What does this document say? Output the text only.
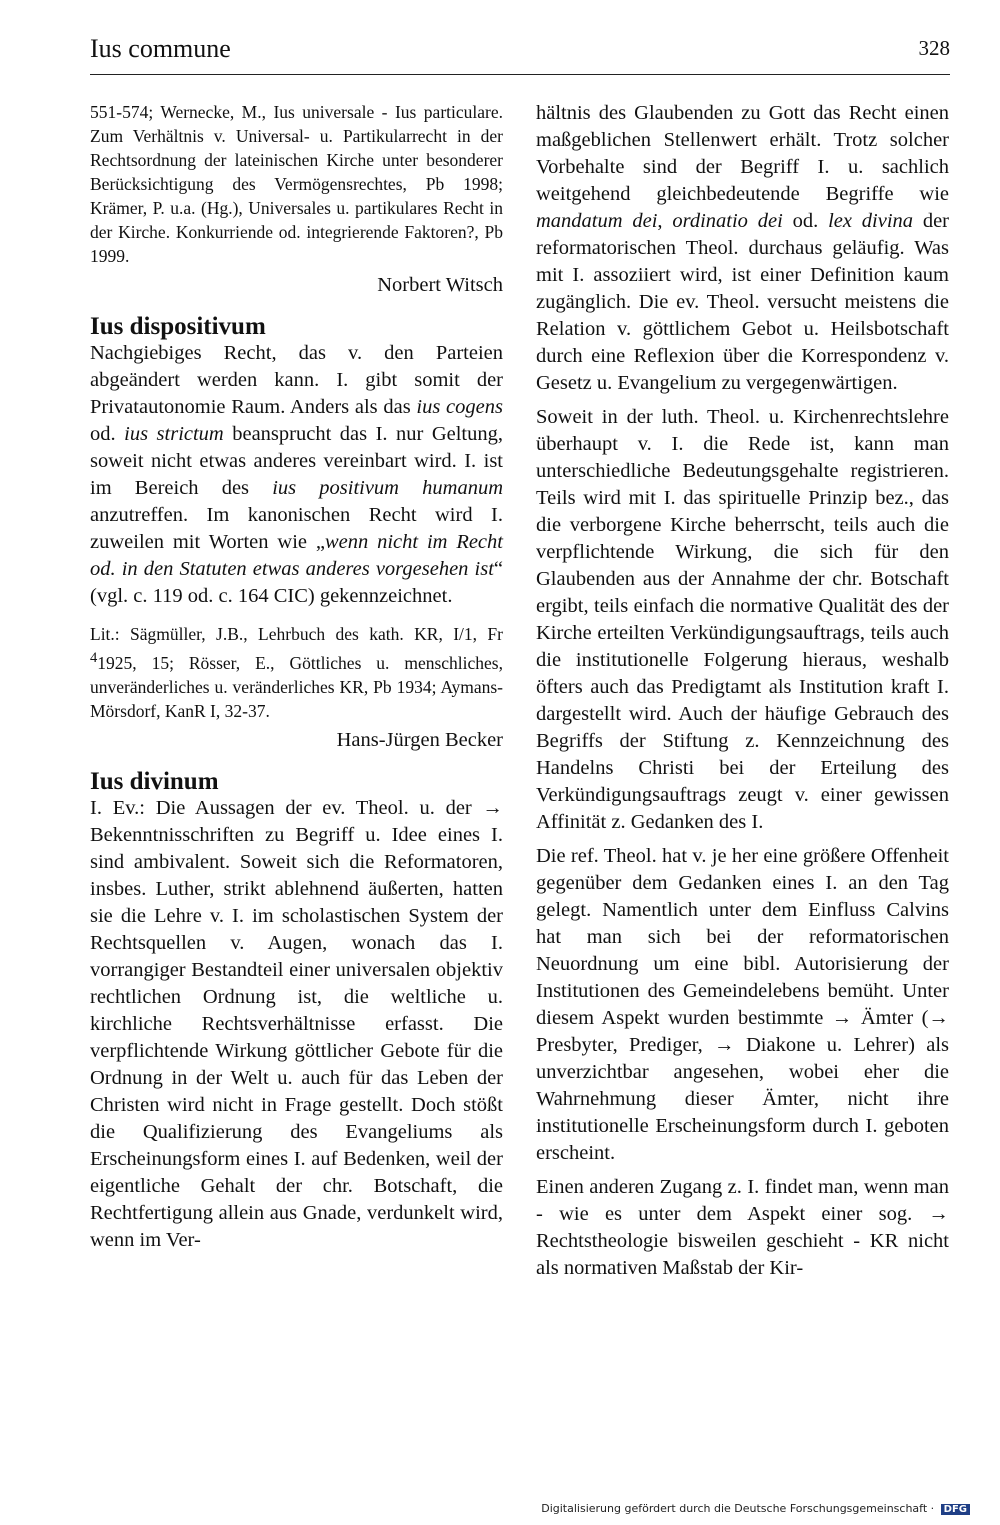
Ius commune	328

551-574; Wernecke, M., Ius universale - Ius particulare. Zum Verhältnis v. Universal- u. Partikularrecht in der Rechtsordnung der lateinischen Kirche unter besonderer Berücksichtigung des Vermögensrechtes, Pb 1998; Krämer, P. u.a. (Hg.), Universales u. partikulares Recht in der Kirche. Konkurriende od. integrierende Faktoren?, Pb 1999.

Norbert Witsch

Ius dispositivum

Nachgiebiges Recht, das v. den Parteien abgeändert werden kann. I. gibt somit der Privatautonomie Raum. Anders als das ius cogens od. ius strictum beansprucht das I. nur Geltung, soweit nicht etwas anderes vereinbart wird. I. ist im Bereich des ius positivum humanum anzutreffen. Im kanonischen Recht wird I. zuweilen mit Worten wie „wenn nicht im Recht od. in den Statuten etwas anderes vorgesehen ist“ (vgl. c. 119 od. c. 164 CIC) gekennzeichnet.

Lit.: Sägmüller, J.B., Lehrbuch des kath. KR, I/1, Fr $^4$1925, 15; Rösser, E., Göttliches u. menschliches, unveränderliches u. veränderliches KR, Pb 1934; Aymans-Mörsdorf, KanR I, 32-37.

Hans-Jürgen Becker

Ius divinum

I. Ev.: Die Aussagen der ev. Theol. u. der → Bekenntnisschriften zu Begriff u. Idee eines I. sind ambivalent. Soweit sich die Reformatoren, insbes. Luther, strikt ablehnend äußerten, hatten sie die Lehre v. I. im scholastischen System der Rechtsquellen v. Augen, wonach das I. vorrangiger Bestandteil einer universalen objektiv rechtlichen Ordnung ist, die weltliche u. kirchliche Rechtsverhältnisse erfasst. Die verpflichtende Wirkung göttlicher Gebote für die Ordnung in der Welt u. auch für das Leben der Christen wird nicht in Frage gestellt. Doch stößt die Qualifizierung des Evangeliums als Erscheinungsform eines I. auf Bedenken, weil der eigentliche Gehalt der chr. Botschaft, die Rechtfertigung allein aus Gnade, verdunkelt wird, wenn im Ver-

hältnis des Glaubenden zu Gott das Recht einen maßgeblichen Stellenwert erhält. Trotz solcher Vorbehalte sind der Begriff I. u. sachlich weitgehend gleichbedeutende Begriffe wie mandatum dei, ordinatio dei od. lex divina der reformatorischen Theol. durchaus geläufig. Was mit I. assoziiert wird, ist einer Definition kaum zugänglich. Die ev. Theol. versucht meistens die Relation v. göttlichem Gebot u. Heilsbotschaft durch eine Reflexion über die Korrespondenz v. Gesetz u. Evangelium zu vergegenwärtigen.

Soweit in der luth. Theol. u. Kirchenrechtslehre überhaupt v. I. die Rede ist, kann man unterschiedliche Bedeutungsgehalte registrieren. Teils wird mit I. das spirituelle Prinzip bez., das die verborgene Kirche beherrscht, teils auch die verpflichtende Wirkung, die sich für den Glaubenden aus der Annahme der chr. Botschaft ergibt, teils einfach die normative Qualität des der Kirche erteilten Verkündigungsauftrags, teils auch die institutionelle Folgerung hieraus, weshalb öfters auch das Predigtamt als Institution kraft I. dargestellt wird. Auch der häufige Gebrauch des Begriffs der Stiftung z. Kennzeichnung des Handelns Christi bei der Erteilung des Verkündigungsauftrags zeugt v. einer gewissen Affinität z. Gedanken des I.

Die ref. Theol. hat v. je her eine größere Offenheit gegenüber dem Gedanken eines I. an den Tag gelegt. Namentlich unter dem Einfluss Calvins hat man sich bei der reformatorischen Neuordnung um eine bibl. Autorisierung der Institutionen des Gemeindelebens bemüht. Unter diesem Aspekt wurden bestimmte → Ämter (→ Presbyter, Prediger, → Diakone u. Lehrer) als unverzichtbar angesehen, wobei eher die Wahrnehmung dieser Ämter, nicht ihre institutionelle Erscheinungsform durch I. geboten erscheint.

Einen anderen Zugang z. I. findet man, wenn man - wie es unter dem Aspekt einer sog. → Rechtstheologie bisweilen geschieht - KR nicht als normativen Maßstab der Kir-

Digitalisierung gefördert durch die Deutsche Forschungsgemeinschaft · DFG
